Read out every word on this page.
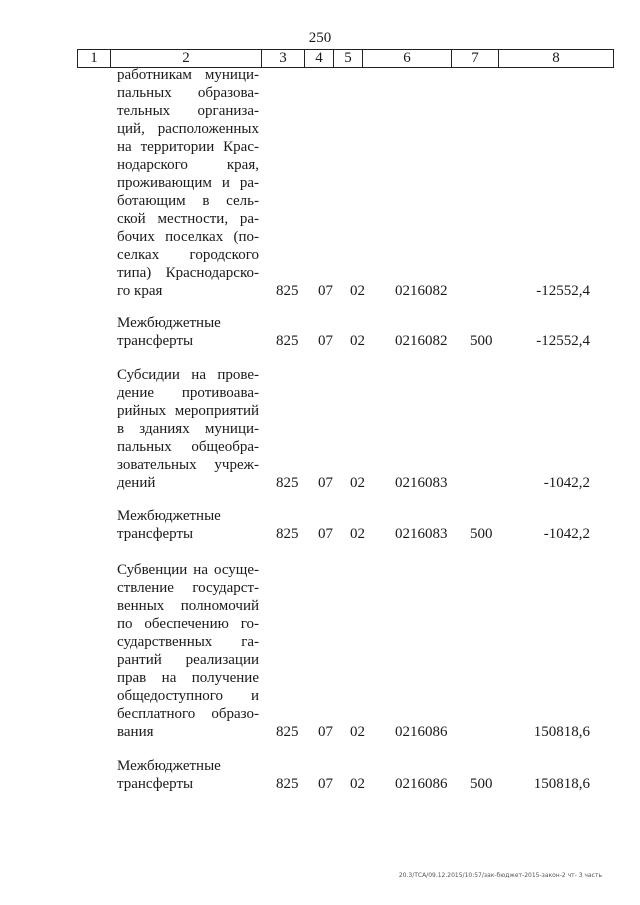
250
1	2	3	4	5	6	7	8
работникам муници-
пальных образова-
тельных организа-
ций, расположенных
на территории Крас-
нодарского края,
проживающим и ра-
ботающим в сель-
ской местности, ра-
бочих поселках (по-
селках городского
типа) Краснодарско-
го края	825 07 02 0216082	-12552,4
Межбюджетные
трансферты	825 07 02 0216082 500	-12552,4
Субсидии на прове-
дение противоава-
рийных мероприятий
в зданиях муници-
пальных общеобра-
зовательных учреж-
дений	825 07 02 0216083	-1042,2
Межбюджетные
трансферты	825 07 02 0216083 500	-1042,2
Субвенции на осуще-
ствление государст-
венных полномочий
по обеспечению го-
сударственных га-
рантий реализации
прав на получение
общедоступного и
бесплатного образо-
вания	825 07 02 0216086	150818,6
Межбюджетные
трансферты	825 07 02 0216086 500	150818,6
20.3/ТСА/09.12.2015/10:57/зак-бюджет-2015-закон-2 чт- 3 часть
